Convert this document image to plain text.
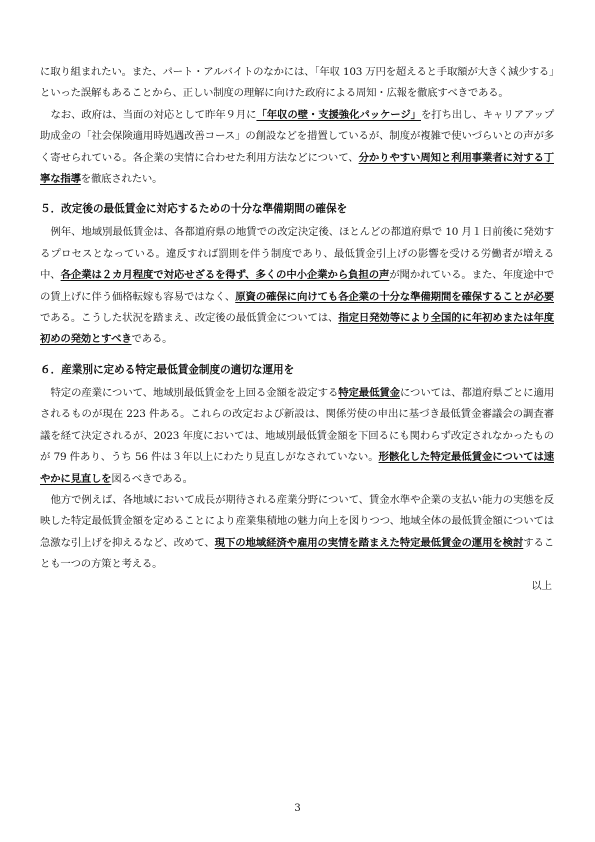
に取り組まれたい。また、パート・アルバイトのなかには、「年収 103 万円を超えると手取額が大きく減少する」といった誤解もあることから、正しい制度の理解に向けた政府による周知・広報を徹底すべきである。

なお、政府は、当面の対応として昨年９月に「年収の壁・支援強化パッケージ」を打ち出し、キャリアアップ助成金の「社会保険適用時処遇改善コース」の創設などを措置しているが、制度が複雑で使いづらいとの声が多く寄せられている。各企業の実情に合わせた利用方法などについて、分かりやすい周知と利用事業者に対する丁寧な指導を徹底されたい。

５．改定後の最低賃金に対応するための十分な準備期間の確保を

例年、地域別最低賃金は、各都道府県の地賃での改定決定後、ほとんどの都道府県で 10 月１日前後に発効するプロセスとなっている。違反すれば罰則を伴う制度であり、最低賃金引上げの影響を受ける労働者が増える中、各企業は２カ月程度で対応せざるを得ず、多くの中小企業から負担の声が聞かれている。また、年度途中での賃上げに伴う価格転嫁も容易ではなく、原資の確保に向けても各企業の十分な準備期間を確保することが必要である。こうした状況を踏まえ、改定後の最低賃金については、指定日発効等により全国的に年初めまたは年度初めの発効とすべきである。

６．産業別に定める特定最低賃金制度の適切な運用を

特定の産業について、地域別最低賃金を上回る金額を設定する特定最低賃金については、都道府県ごとに適用されるものが現在 223 件ある。これらの改定および新設は、関係労使の申出に基づき最低賃金審議会の調査審議を経て決定されるが、2023 年度においては、地域別最低賃金額を下回るにも関わらず改定されなかったものが 79 件あり、うち 56 件は３年以上にわたり見直しがなされていない。形骸化した特定最低賃金については速やかに見直しを図るべきである。

他方で例えば、各地域において成長が期待される産業分野について、賃金水準や企業の支払い能力の実態を反映した特定最低賃金額を定めることにより産業集積地の魅力向上を図りつつ、地域全体の最低賃金額については急激な引上げを抑えるなど、改めて、現下の地域経済や雇用の実情を踏まえた特定最低賃金の運用を検討することも一つの方策と考える。

以上

3
